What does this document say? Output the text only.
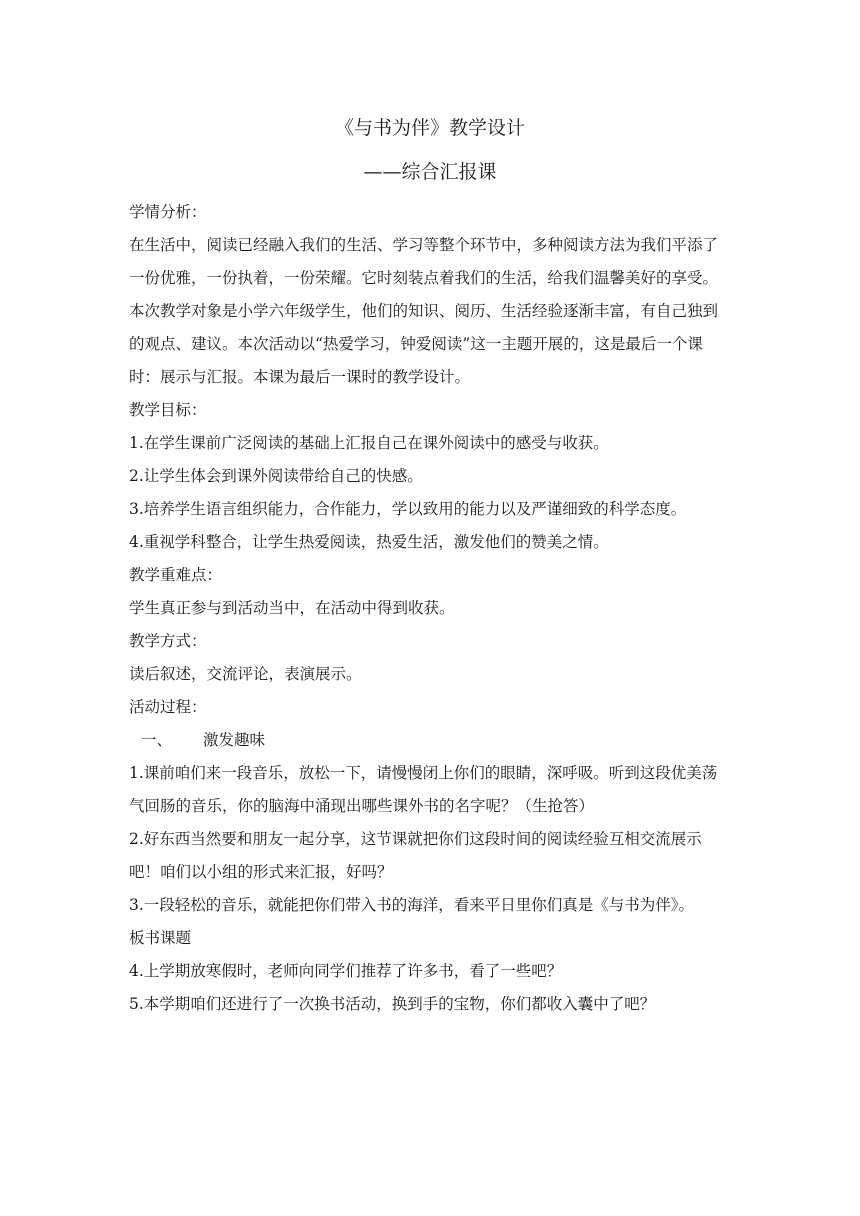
《与书为伴》教学设计
——综合汇报课

学情分析：

在生活中，阅读已经融入我们的生活、学习等整个环节中，多种阅读方法为我们平添了一份优雅，一份执着，一份荣耀。它时刻装点着我们的生活，给我们温馨美好的享受。

本次教学对象是小学六年级学生，他们的知识、阅历、生活经验逐渐丰富，有自己独到的观点、建议。本次活动以“热爱学习，钟爱阅读”这一主题开展的，这是最后一个课时：展示与汇报。本课为最后一课时的教学设计。

教学目标：

1.在学生课前广泛阅读的基础上汇报自己在课外阅读中的感受与收获。

2.让学生体会到课外阅读带给自己的快感。

3.培养学生语言组织能力，合作能力，学以致用的能力以及严谨细致的科学态度。

4.重视学科整合，让学生热爱阅读，热爱生活，激发他们的赞美之情。

教学重难点：

学生真正参与到活动当中，在活动中得到收获。

教学方式：

读后叙述，交流评论，表演展示。

活动过程：

一、 激发趣味

1.课前咱们来一段音乐，放松一下，请慢慢闭上你们的眼睛，深呼吸。听到这段优美荡气回肠的音乐，你的脑海中涌现出哪些课外书的名字呢？（生抢答）

2.好东西当然要和朋友一起分享，这节课就把你们这段时间的阅读经验互相交流展示吧！咱们以小组的形式来汇报，好吗？

3.一段轻松的音乐，就能把你们带入书的海洋，看来平日里你们真是《与书为伴》。

板书课题

4.上学期放寒假时，老师向同学们推荐了许多书，看了一些吧？

5.本学期咱们还进行了一次换书活动，换到手的宝物，你们都收入囊中了吧？
